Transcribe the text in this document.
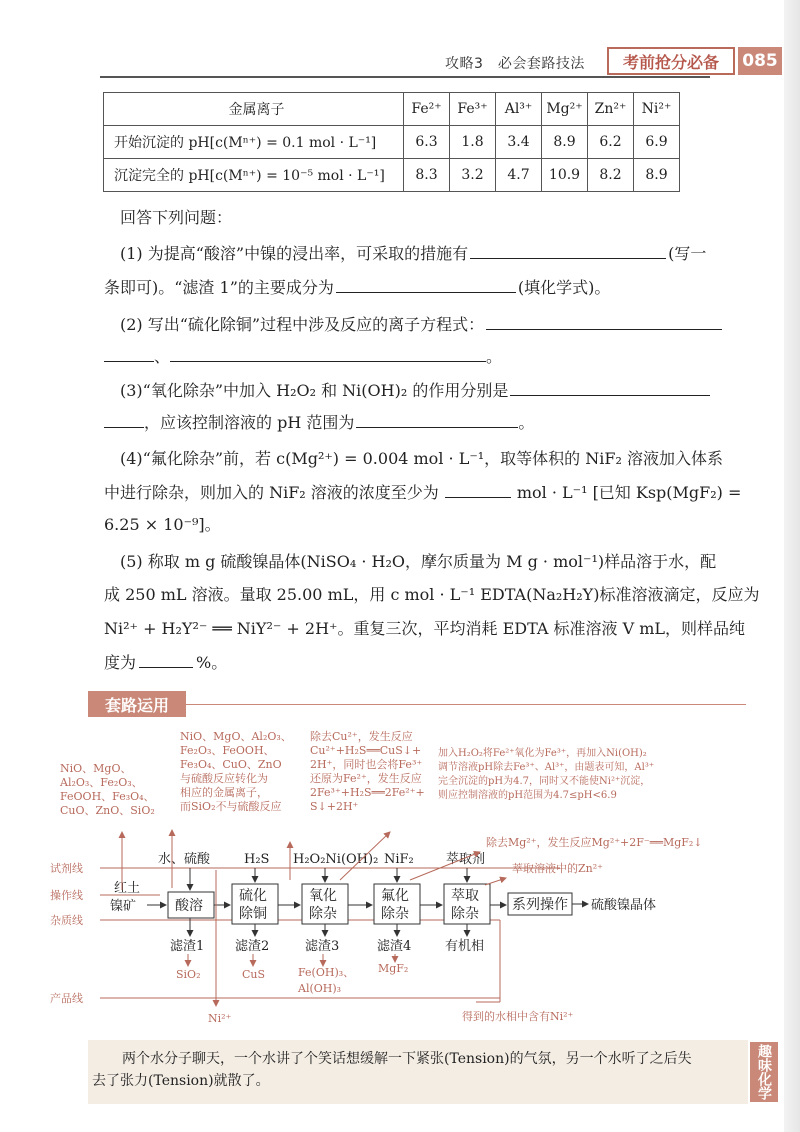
攻略3　必会套路技法	考前抢分必备	085
金属离子	Fe²⁺	Fe³⁺	Al³⁺	Mg²⁺	Zn²⁺	Ni²⁺
开始沉淀的 pH[c(Mⁿ⁺) = 0.1 mol · L⁻¹]	6.3	1.8	3.4	8.9	6.2	6.9
沉淀完全的 pH[c(Mⁿ⁺) = 10⁻⁵ mol · L⁻¹]	8.3	3.2	4.7	10.9	8.2	8.9
回答下列问题：
(1) 为提高“酸溶”中镍的浸出率，可采取的措施有	(写一
条即可)。“滤渣 1”的主要成分为	(填化学式)。
(2) 写出“硫化除铜”过程中涉及反应的离子方程式：
、	。
(3)“氧化除杂”中加入 H₂O₂ 和 Ni(OH)₂ 的作用分别是
，应该控制溶液的 pH 范围为	。
(4)“氟化除杂”前，若 c(Mg²⁺) = 0.004 mol · L⁻¹，取等体积的 NiF₂ 溶液加入体系
中进行除杂，则加入的 NiF₂ 溶液的浓度至少为	mol · L⁻¹ [已知 Ksp(MgF₂) =
6.25 × 10⁻⁹]。
(5) 称取 m g 硫酸镍晶体(NiSO₄ · H₂O，摩尔质量为 M g · mol⁻¹)样品溶于水，配
成 250 mL 溶液。量取 25.00 mL，用 c mol · L⁻¹ EDTA(Na₂H₂Y)标准溶液滴定，反应为
Ni²⁺ + H₂Y²⁻ ══ NiY²⁻ + 2H⁺。重复三次，平均消耗 EDTA 标准溶液 V mL，则样品纯
度为	%。
套路运用
试剂线
操作线
杂质线
产品线
红土
镍矿	酸溶
硫化
除铜
氧化
除杂
氟化
除杂
萃取
除杂
系列操作 硫酸镍晶体
水、硫酸	H₂S H₂O₂Ni(OH)₂ NiF₂ 萃取剂
滤渣1 滤渣2	滤渣3	滤渣4	有机相
SiO₂	CuS	Fe(OH)₃、
Al(OH)₃
MgF₂
Ni²⁺	得到的水相中含有Ni²⁺
NiO、MgO、 Al₂O₃、Fe₂O₃、 FeOOH、Fe₃O₄、 CuO、ZnO、SiO₂
NiO、MgO、Al₂O₃、 Fe₂O₃、FeOOH、 Fe₃O₄、CuO、ZnO 与硫酸反应转化为 相应的金属离子， 而SiO₂不与硫酸反应
除去Cu²⁺，发生反应 Cu²⁺+H₂S══CuS↓+ 2H⁺，同时也会将Fe³⁺ 还原为Fe²⁺，发生反应 2Fe³⁺+H₂S══2Fe²⁺+ S↓+2H⁺
加入H₂O₂将Fe²⁺氧化为Fe³⁺，再加入Ni(OH)₂ 调节溶液pH除去Fe³⁺、Al³⁺，由题表可知，Al³⁺ 完全沉淀的pH为4.7，同时又不能使Ni²⁺沉淀， 则应控制溶液的pH范围为4.7≤pH<6.9
除去Mg²⁺，发生反应Mg²⁺+2F⁻══MgF₂↓
萃取溶液中的Zn²⁺
两个水分子聊天，一个水讲了个笑话想缓解一下紧张(Tension)的气氛，另一个水听了之后失去了张力(Tension)就散了。	趣味化学
